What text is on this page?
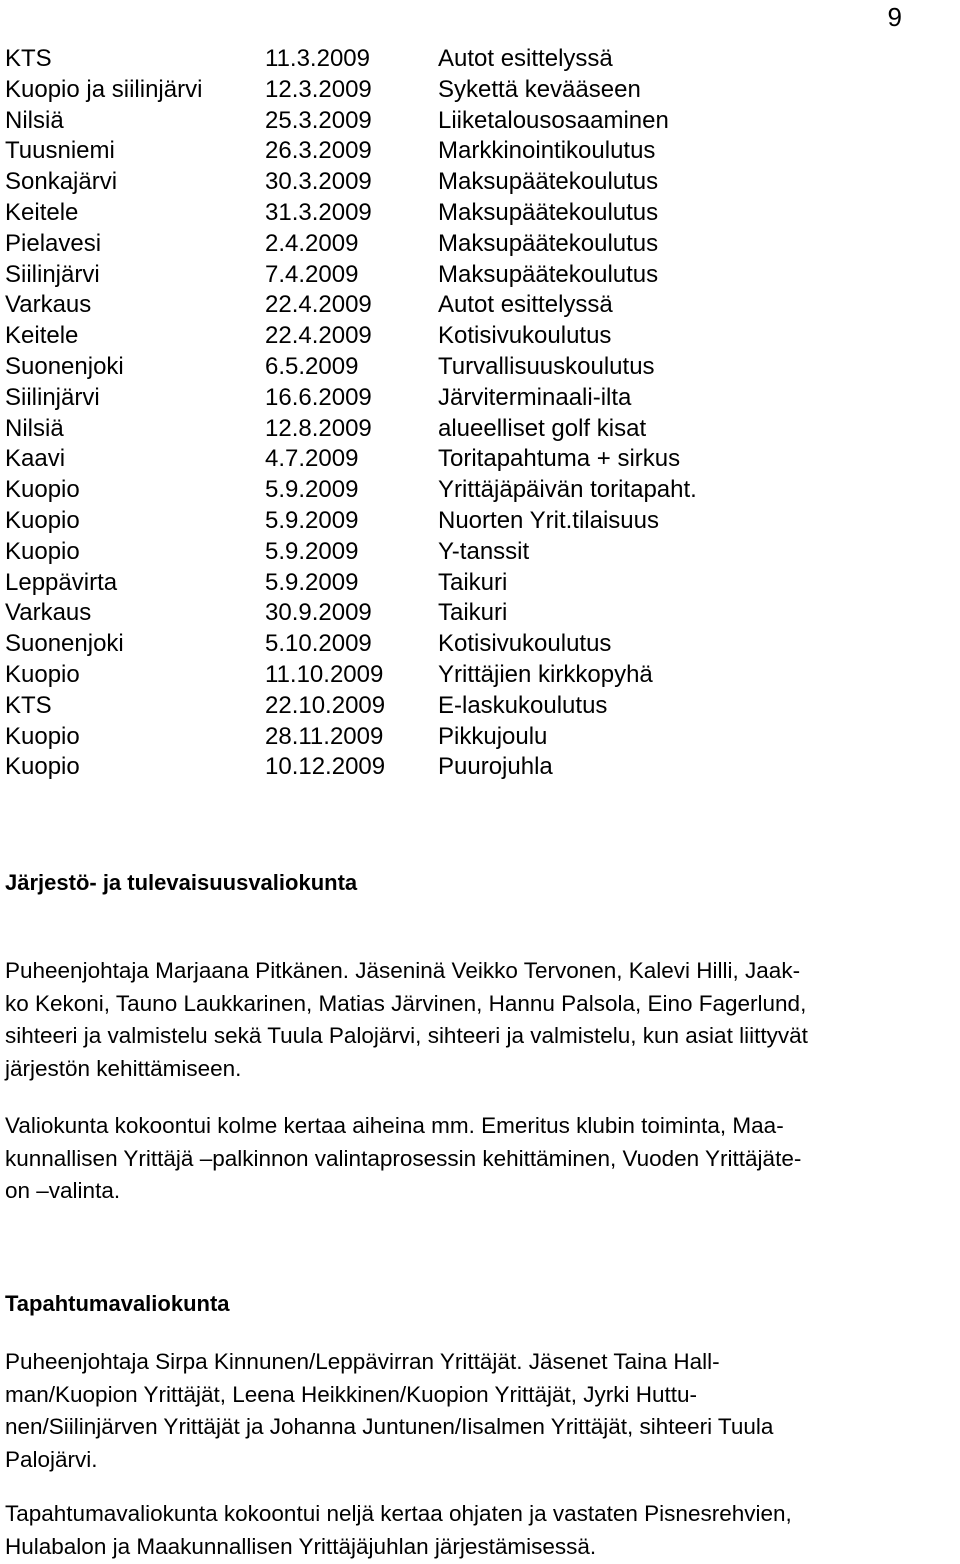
9
KTS	11.3.2009	Autot esittelyssä
Kuopio ja siilinjärvi	12.3.2009	Sykettä kevääseen
Nilsiä	25.3.2009	Liiketalousosaaminen
Tuusniemi	26.3.2009	Markkinointikoulutus
Sonkajärvi	30.3.2009	Maksupäätekoulutus
Keitele	31.3.2009	Maksupäätekoulutus
Pielavesi	2.4.2009	Maksupäätekoulutus
Siilinjärvi	7.4.2009	Maksupäätekoulutus
Varkaus	22.4.2009	Autot esittelyssä
Keitele	22.4.2009	Kotisivukoulutus
Suonenjoki	6.5.2009	Turvallisuuskoulutus
Siilinjärvi	16.6.2009	Järviterminaali-ilta
Nilsiä	12.8.2009	alueelliset golf kisat
Kaavi	4.7.2009	Toritapahtuma + sirkus
Kuopio	5.9.2009	Yrittäjäpäivän toritapaht.
Kuopio	5.9.2009	Nuorten Yrit.tilaisuus
Kuopio	5.9.2009	Y-tanssit
Leppävirta	5.9.2009	Taikuri
Varkaus	30.9.2009	Taikuri
Suonenjoki	5.10.2009	Kotisivukoulutus
Kuopio	11.10.2009 Yrittäjien kirkkopyhä
KTS	22.10.2009 E-laskukoulutus
Kuopio	28.11.2009 Pikkujoulu
Kuopio	10.12.2009 Puurojuhla
Järjestö- ja tulevaisuusvaliokunta
Puheenjohtaja Marjaana Pitkänen. Jäseninä Veikko Tervonen, Kalevi Hilli, Jaak-
ko Kekoni, Tauno Laukkarinen, Matias Järvinen, Hannu Palsola, Eino Fagerlund,
sihteeri ja valmistelu sekä Tuula Palojärvi, sihteeri ja valmistelu, kun asiat liittyvät
järjestön kehittämiseen.
Valiokunta kokoontui kolme kertaa aiheina mm. Emeritus klubin toiminta, Maa-
kunnallisen Yrittäjä –palkinnon valintaprosessin kehittäminen, Vuoden Yrittäjäte-
on –valinta.
Tapahtumavaliokunta
Puheenjohtaja Sirpa Kinnunen/Leppävirran Yrittäjät. Jäsenet Taina Hall-
man/Kuopion Yrittäjät, Leena Heikkinen/Kuopion Yrittäjät, Jyrki Huttu-
nen/Siilinjärven Yrittäjät ja Johanna Juntunen/Iisalmen Yrittäjät, sihteeri Tuula
Palojärvi.
Tapahtumavaliokunta kokoontui neljä kertaa ohjaten ja vastaten Pisnesrehvien,
Hulabalon ja Maakunnallisen Yrittäjäjuhlan järjestämisessä.
